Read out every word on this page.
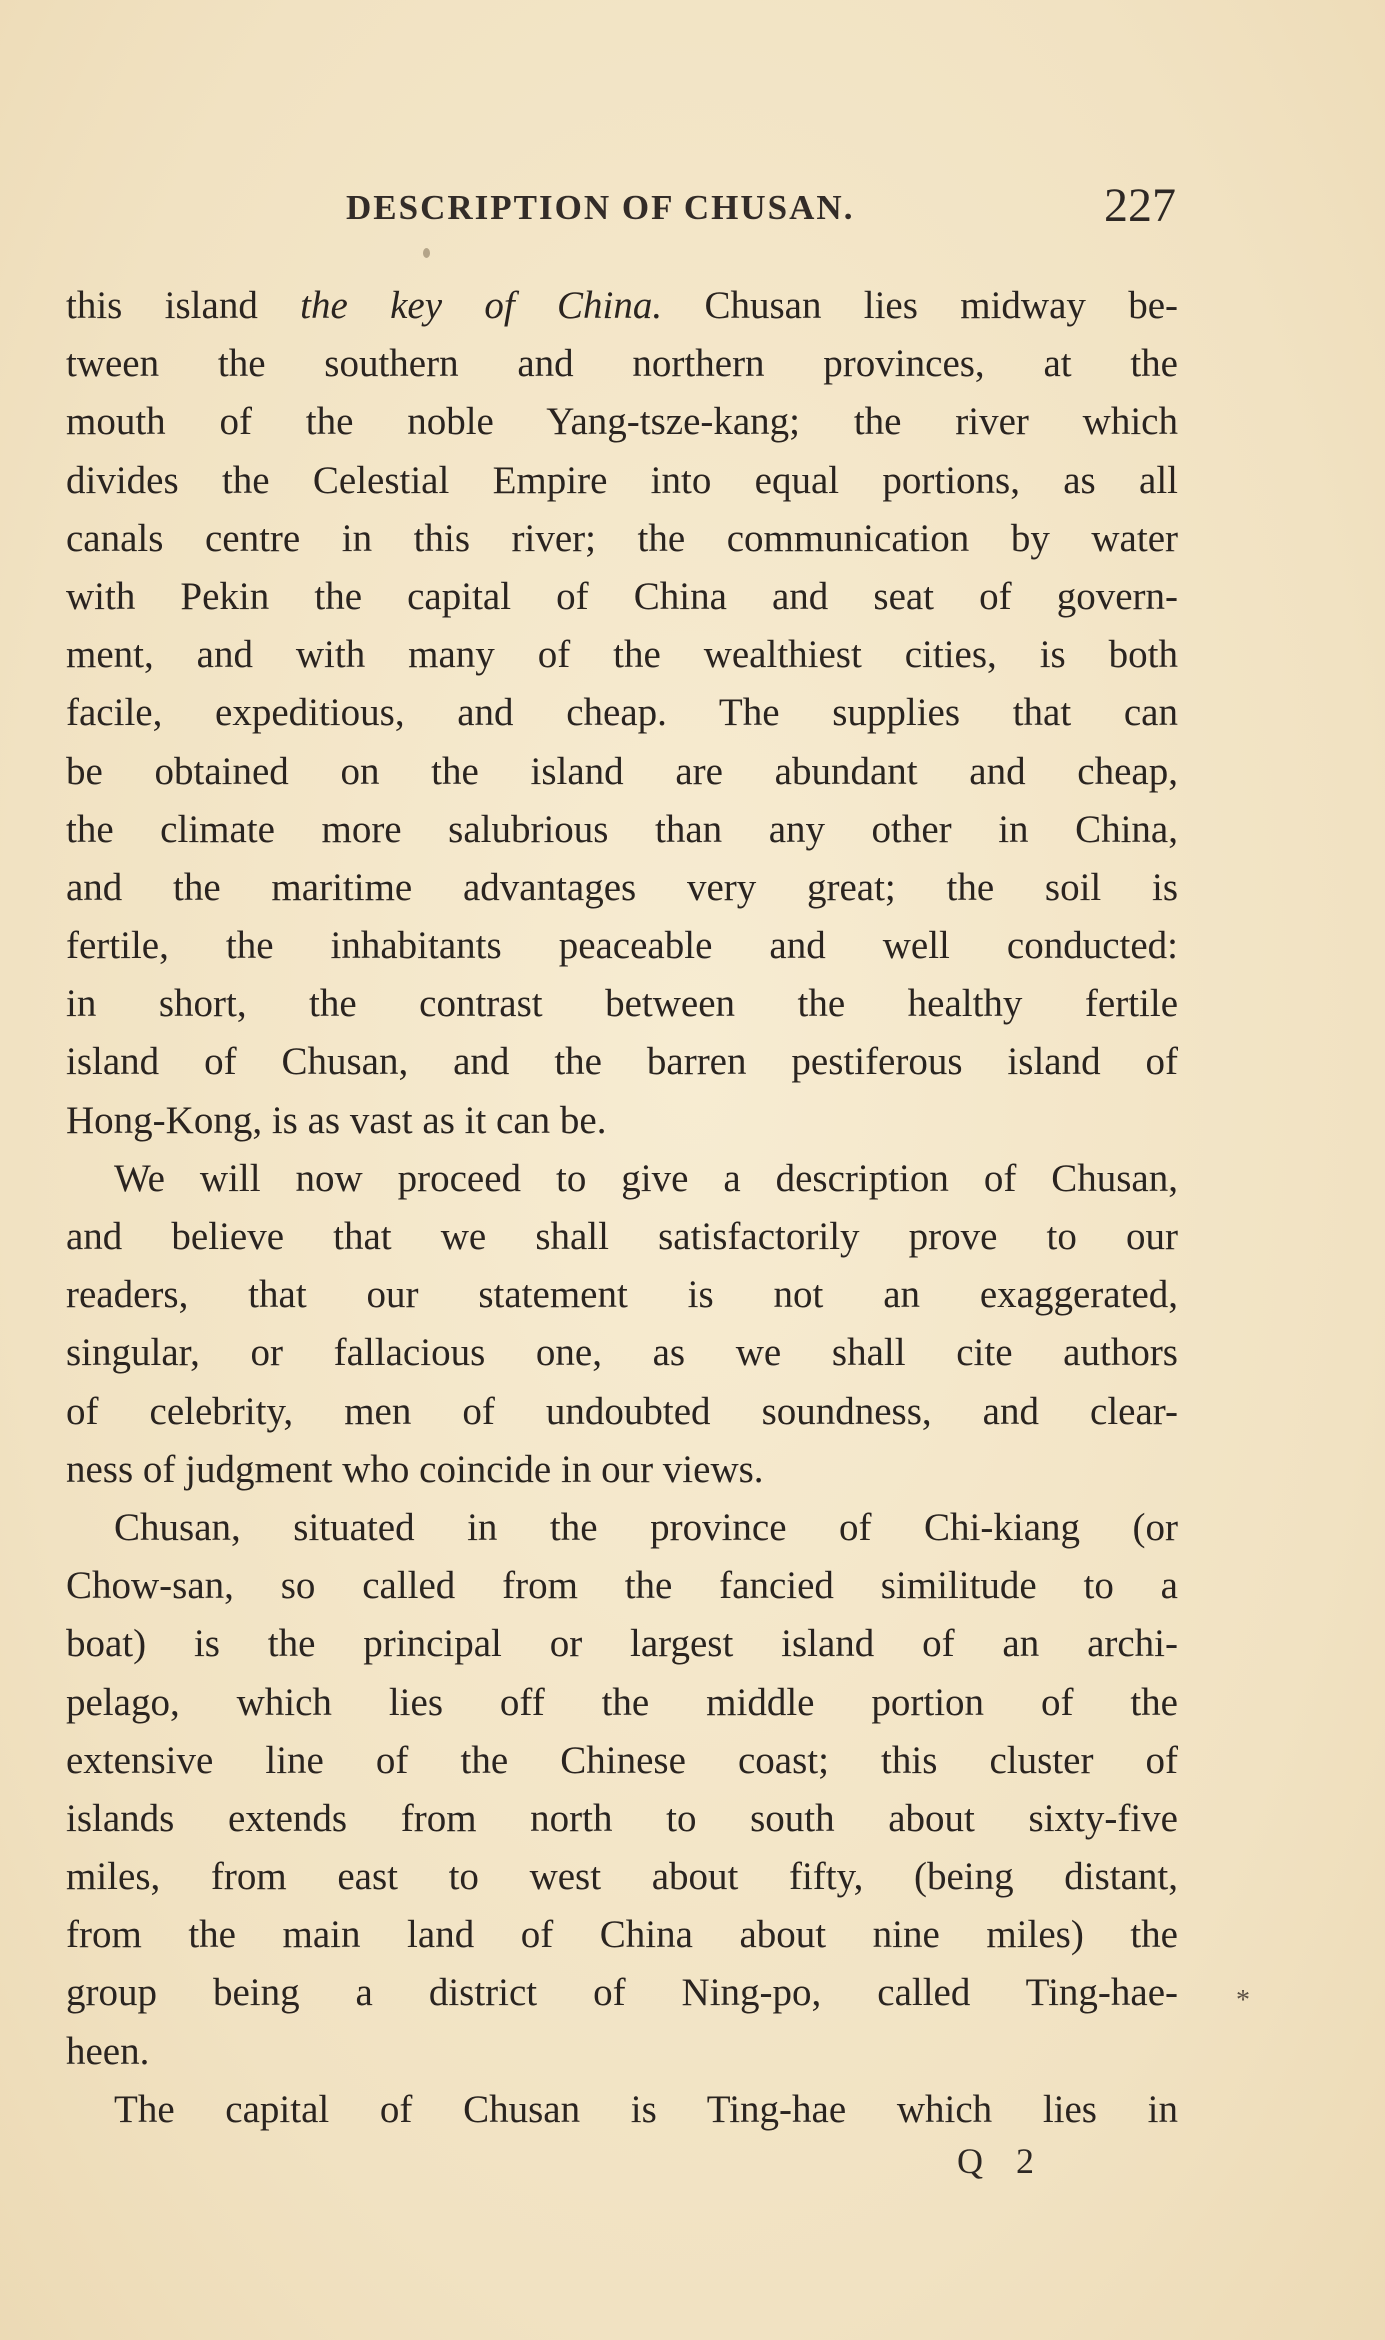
DESCRIPTION OF CHUSAN.	227
this island the key of China. Chusan lies midway be-
tween the southern and northern provinces, at the
mouth of the noble Yang-tsze-kang; the river which
divides the Celestial Empire into equal portions, as all
canals centre in this river; the communication by water
with Pekin the capital of China and seat of govern-
ment, and with many of the wealthiest cities, is both
facile, expeditious, and cheap. The supplies that can
be obtained on the island are abundant and cheap,
the climate more salubrious than any other in China,
and the maritime advantages very great; the soil is
fertile, the inhabitants peaceable and well conducted:
in short, the contrast between the healthy fertile
island of Chusan, and the barren pestiferous island of
Hong-Kong, is as vast as it can be.
We will now proceed to give a description of Chusan,
and believe that we shall satisfactorily prove to our
readers, that our statement is not an exaggerated,
singular, or fallacious one, as we shall cite authors
of celebrity, men of undoubted soundness, and clear-
ness of judgment who coincide in our views.
Chusan, situated in the province of Chi-kiang (or
Chow-san, so called from the fancied similitude to a
boat) is the principal or largest island of an archi-
pelago, which lies off the middle portion of the
extensive line of the Chinese coast; this cluster of
islands extends from north to south about sixty-five
miles, from east to west about fifty, (being distant,
from the main land of China about nine miles) the
group being a district of Ning-po, called Ting-hae-
heen.
The capital of Chusan is Ting-hae which lies in
*
Q 2
